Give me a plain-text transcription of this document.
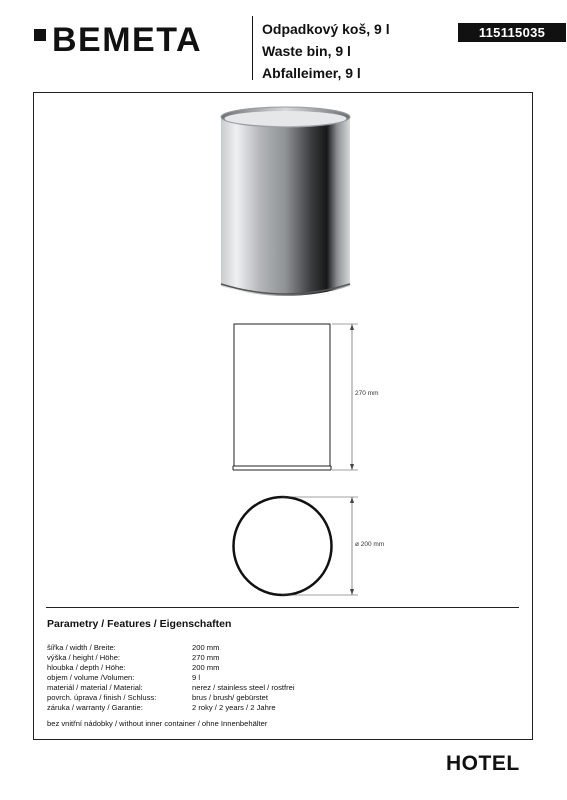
BEMETA	Odpadkový koš, 9 l
Waste bin, 9 l
Abfalleimer, 9 l
115115035
270 mm
ø 200 mm
Parametry / Features / Eigenschaften
šířka / width / Breite:	200 mm
výška / height / Höhe:	270 mm
hloubka / depth / Höhe:	200 mm
objem / volume /Volumen:	9 l
materiál / material / Material:	nerez / stainless steel / rostfrei
povrch. úprava / finish / Schluss:	brus / brush/ gebürstet
záruka / warranty / Garantie:	2 roky / 2 years / 2 Jahre
bez vnitřní nádobky / without inner container / ohne Innenbehälter
HOTEL
